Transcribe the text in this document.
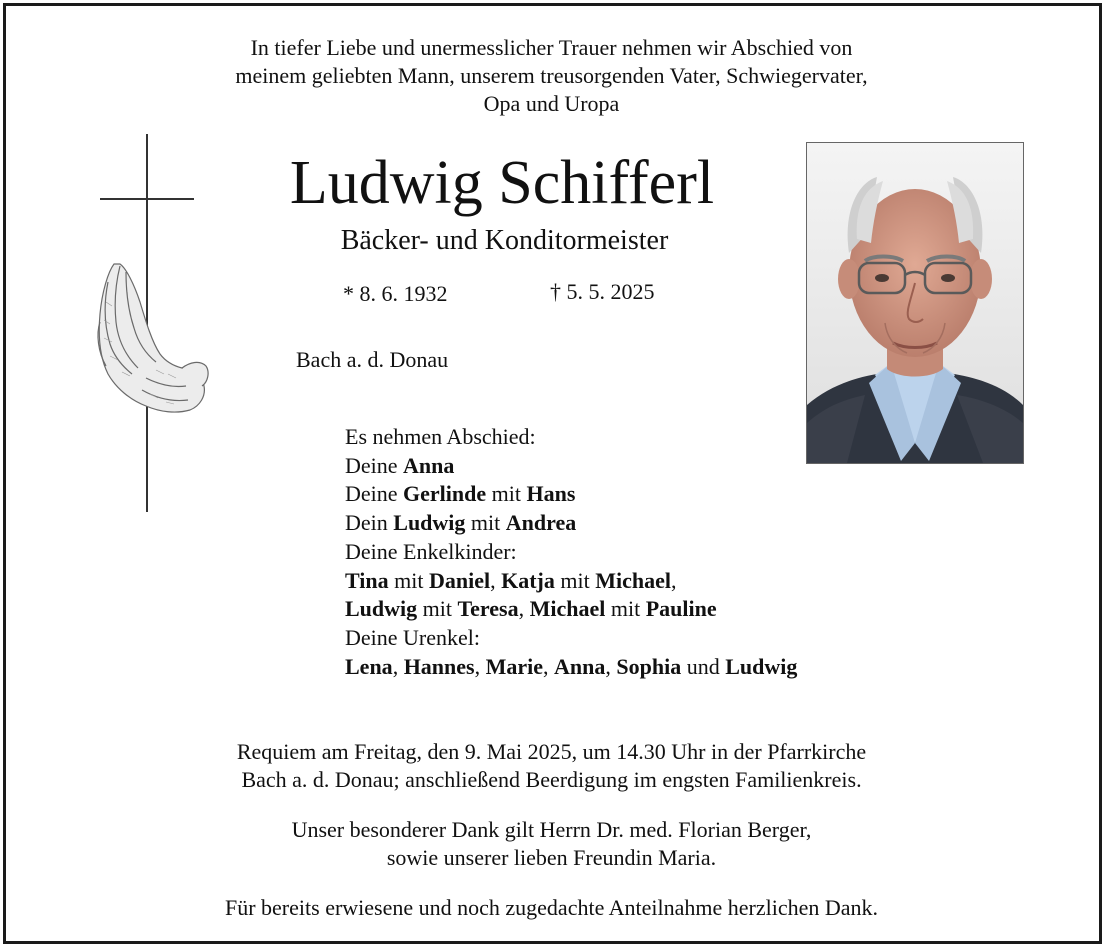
In tiefer Liebe und unermesslicher Trauer nehmen wir Abschied von
meinem geliebten Mann, unserem treusorgenden Vater, Schwiegervater,
Opa und Uropa
Ludwig Schifferl
Bäcker- und Konditormeister
* 8. 6. 1932	† 5. 5. 2025
Bach a. d. Donau
Es nehmen Abschied:
Deine Anna
Deine Gerlinde mit Hans
Dein Ludwig mit Andrea
Deine Enkelkinder:
Tina mit Daniel, Katja mit Michael,
Ludwig mit Teresa, Michael mit Pauline
Deine Urenkel:
Lena, Hannes, Marie, Anna, Sophia und Ludwig
Requiem am Freitag, den 9. Mai 2025, um 14.30 Uhr in der Pfarrkirche
Bach a. d. Donau; anschließend Beerdigung im engsten Familienkreis.
Unser besonderer Dank gilt Herrn Dr. med. Florian Berger,
sowie unserer lieben Freundin Maria.
Für bereits erwiesene und noch zugedachte Anteilnahme herzlichen Dank.
